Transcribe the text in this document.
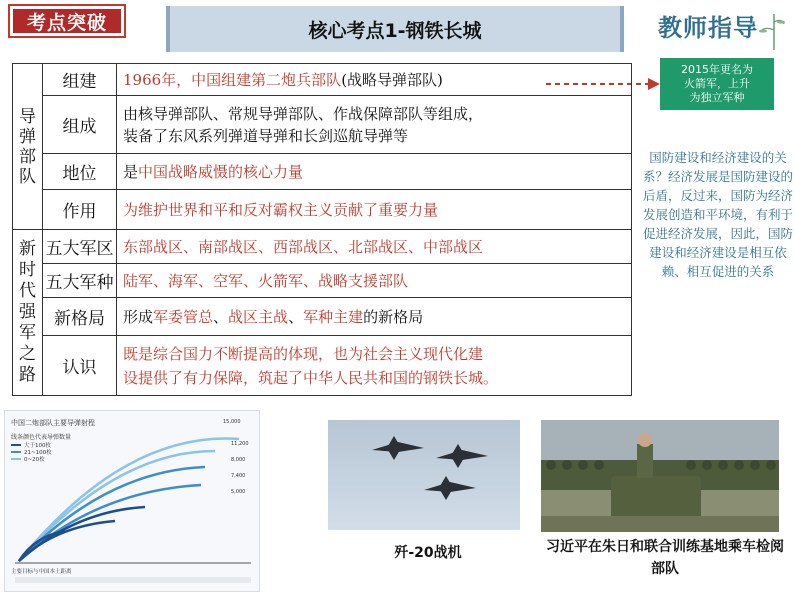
考点突破	核心考点1-钢铁长城	教师指导
2015年更名为
火箭军，上升
为独立军种
国防建设和经济建设的关系？经济发展是国防建设的后盾，反过来，国防为经济发展创造和平环境，有利于促进经济发展，因此，国防建设和经济建设是相互依赖、相互促进的关系
导弹部队	组建	1966年，中国组建第二炮兵部队(战略导弹部队)
	组成	由核导弹部队、常规导弹部队、作战保障部队等组成，
装备了东风系列弹道导弹和长剑巡航导弹等

	地位	是中国战略威慑的核心力量
	作用	为维护世界和平和反对霸权主义贡献了重要力量

新时代强军之路	五大军区	东部战区、南部战区、西部战区、北部战区、中部战区
	五大军种	陆军、海军、空军、火箭军、战略支援部队
	新格局	形成军委管总、战区主战、军种主建的新格局
	认识	既是综合国力不断提高的体现，也为社会主义现代化建
设提供了有力保障，筑起了中华人民共和国的钢铁长城。
中国二炮部队主要导弹射程
线条颜色代表导弹数量
大于100枚
21~100枚
0~20枚
15,000
11,200
8,000
7,400
5,000
主要目标与中国本土距离
歼-20战机	习近平在朱日和联合训练基地乘车检阅部队
